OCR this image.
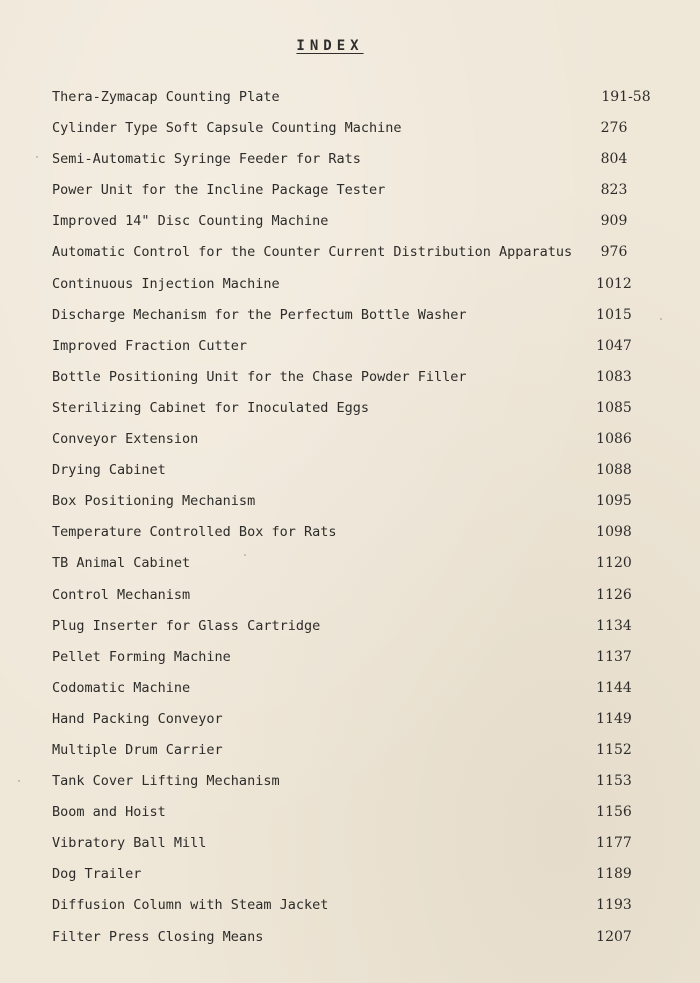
INDEX
Thera-Zymacap Counting Plate	191-58
Cylinder Type Soft Capsule Counting Machine	276
Semi-Automatic Syringe Feeder for Rats	804
Power Unit for the Incline Package Tester	823
Improved 14" Disc Counting Machine	909
Automatic Control for the Counter Current Distribution Apparatus	976
Continuous Injection Machine	1012
Discharge Mechanism for the Perfectum Bottle Washer	1015
Improved Fraction Cutter	1047
Bottle Positioning Unit for the Chase Powder Filler	1083
Sterilizing Cabinet for Inoculated Eggs	1085
Conveyor Extension	1086
Drying Cabinet	1088
Box Positioning Mechanism	1095
Temperature Controlled Box for Rats	1098
TB Animal Cabinet	1120
Control Mechanism	1126
Plug Inserter for Glass Cartridge	1134
Pellet Forming Machine	1137
Codomatic Machine	1144
Hand Packing Conveyor	1149
Multiple Drum Carrier	1152
Tank Cover Lifting Mechanism	1153
Boom and Hoist	1156
Vibratory Ball Mill	1177
Dog Trailer	1189
Diffusion Column with Steam Jacket	1193
Filter Press Closing Means	1207
